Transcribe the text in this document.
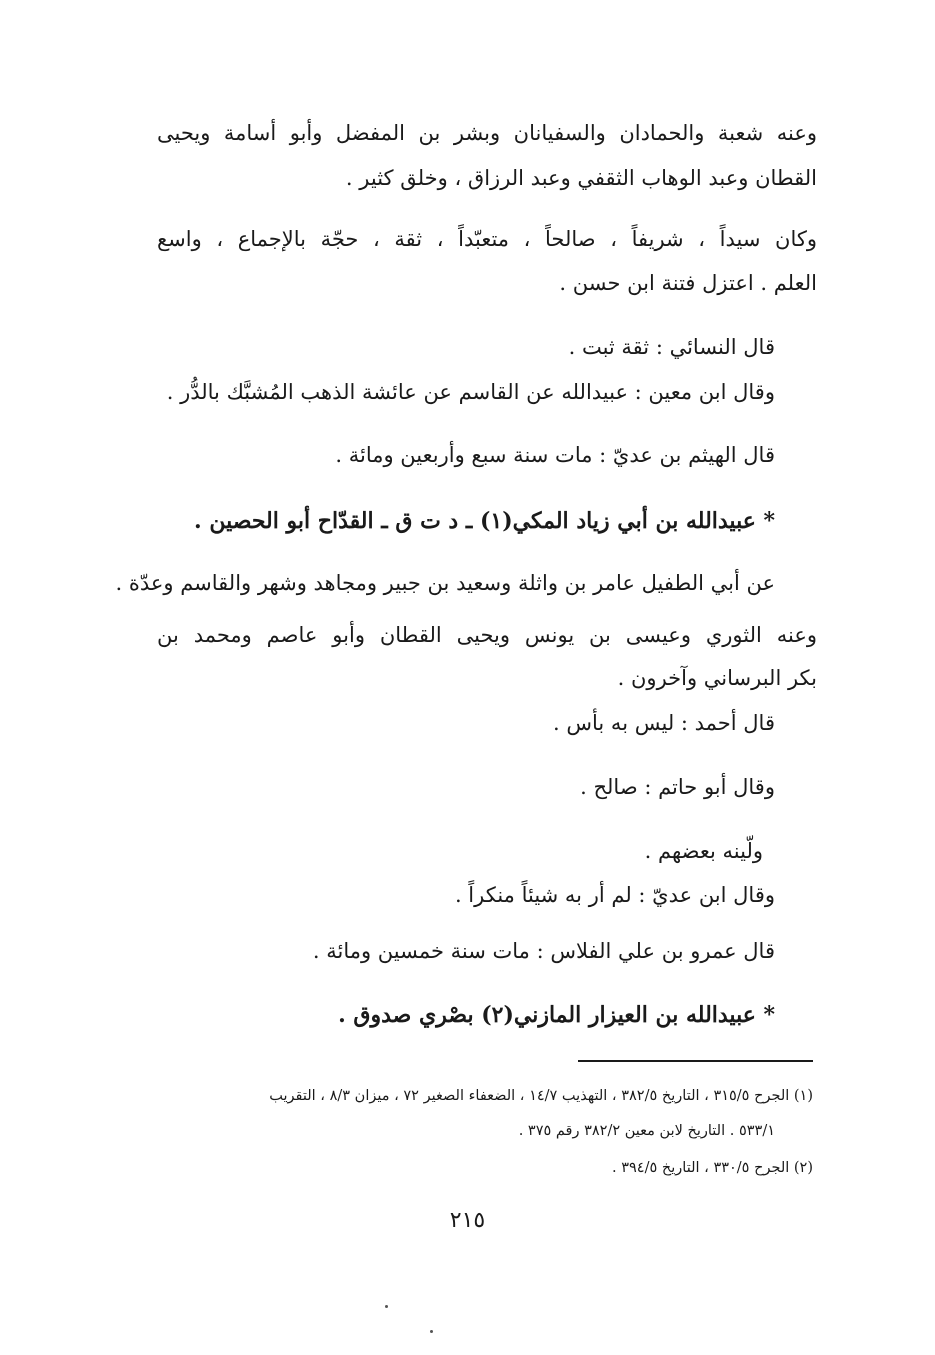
وعنه شعبة والحمادان والسفيانان وبشر بن المفضل وأبو أسامة ويحيى
القطان وعبد الوهاب الثقفي وعبد الرزاق ، وخلق كثير .
وكان سيداً ، شريفاً ، صالحاً ، متعبّداً ، ثقة ، حجّة بالإجماع ، واسع
العلم . اعتزل فتنة ابن حسن .
قال النسائي : ثقة ثبت .
وقال ابن معين : عبيدالله عن القاسم عن عائشة الذهب المُشبَّك بالدُّر .
قال الهيثم بن عديّ : مات سنة سبع وأربعين ومائة .
* عبيدالله بن أبي زياد المكي(١) ـ د ت ق ـ القدّاح أبو الحصين .
عن أبي الطفيل عامر بن واثلة وسعيد بن جبير ومجاهد وشهر والقاسم وعدّة .
وعنه الثوري وعيسى بن يونس ويحيى القطان وأبو عاصم ومحمد بن
بكر البرساني وآخرون .
قال أحمد : ليس به بأس .
وقال أبو حاتم : صالح .
ولّينه بعضهم .
وقال ابن عديّ : لم أر به شيئاً منكراً .
قال عمرو بن علي الفلاس : مات سنة خمسين ومائة .
* عبيدالله بن العيزار المازني(٢) بصْري صدوق .
(١) الجرح ٣١٥/٥ ، التاريخ ٣٨٢/٥ ، التهذيب ١٤/٧ ، الضعفاء الصغير ٧٢ ، ميزان ٨/٣ ، التقريب
٥٣٣/١ . التاريخ لابن معين ٣٨٢/٢ رقم ٣٧٥ .
(٢) الجرح ٣٣٠/٥ ، التاريخ ٣٩٤/٥ .
٢١٥
